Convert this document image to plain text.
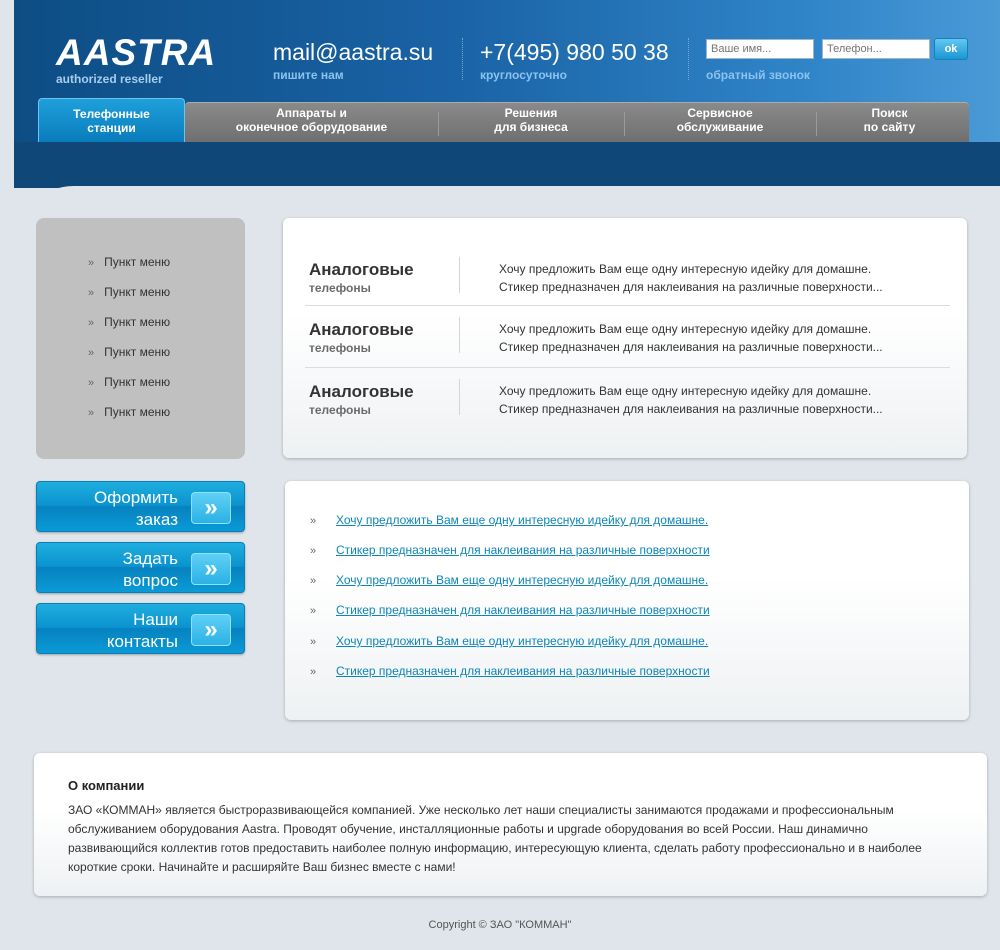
AASTRA
authorized reseller
mail@aastra.su
пишите нам
+7(495) 980 50 38
круглосуточно
Ваше имя...
Телефон...
ok
обратный звонок
Телефонные
станции
Аппараты и
оконечное оборудование
Решения
для бизнеса
Сервисное
обслуживание
Поиск
по сайту
» Пункт меню
» Пункт меню
» Пункт меню
» Пункт меню
» Пункт меню
» Пункт меню
Оформить
заказ	»
Задать
вопрос	»
Наши
контакты	»
Аналоговые
телефоны
Хочу предложить Вам еще одну интересную идейку для домашне.
Стикер предназначен для наклеивания на различные поверхности...
Аналоговые
телефоны
Хочу предложить Вам еще одну интересную идейку для домашне.
Стикер предназначен для наклеивания на различные поверхности...
Аналоговые
телефоны
Хочу предложить Вам еще одну интересную идейку для домашне.
Стикер предназначен для наклеивания на различные поверхности...
» Хочу предложить Вам еще одну интересную идейку для домашне.
» Стикер предназначен для наклеивания на различные поверхности
» Хочу предложить Вам еще одну интересную идейку для домашне.
» Стикер предназначен для наклеивания на различные поверхности
» Хочу предложить Вам еще одну интересную идейку для домашне.
» Стикер предназначен для наклеивания на различные поверхности
О компании
ЗАО «КОММАН» является быстроразвивающейся компанией. Уже несколько лет наши специалисты занимаются продажами и профессиональным обслуживанием оборудования Aastra. Проводят обучение, инсталляционные работы и upgrade оборудования во всей России. Наш динамично развивающийся коллектив готов предоставить наиболее полную информацию, интересующую клиента, сделать работу профессионально и в наиболее короткие сроки. Начинайте и расширяйте Ваш бизнес вместе с нами!
Copyright © ЗАО "КОММАН"
